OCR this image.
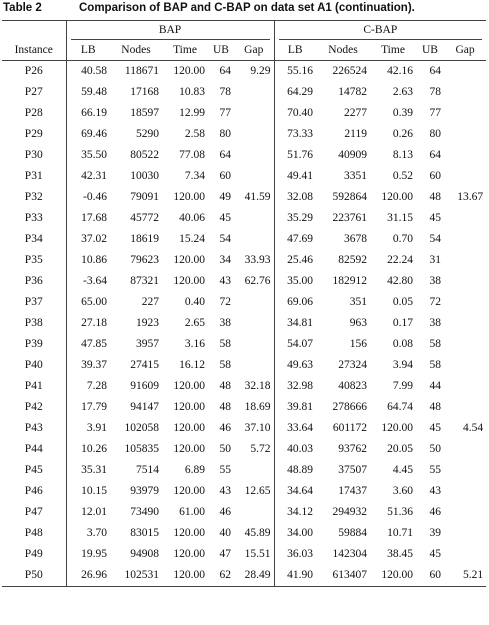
Table 2	Comparison of BAP and C-BAP on data set A1 (continuation).
	BAP					C-BAP				
Instance	LB	Nodes	Time	UB	Gap	LB	Nodes	Time	UB	Gap
P26	40.58	118671	120.00	64	9.29	55.16	226524	42.16	64	
P27	59.48	17168	10.83	78		64.29	14782	2.63	78	
P28	66.19	18597	12.99	77		70.40	2277	0.39	77	
P29	69.46	5290	2.58	80		73.33	2119	0.26	80	
P30	35.50	80522	77.08	64		51.76	40909	8.13	64	
P31	42.31	10030	7.34	60		49.41	3351	0.52	60	
P32	-0.46	79091	120.00	49	41.59	32.08	592864	120.00	48	13.67
P33	17.68	45772	40.06	45		35.29	223761	31.15	45	
P34	37.02	18619	15.24	54		47.69	3678	0.70	54	
P35	10.86	79623	120.00	34	33.93	25.46	82592	22.24	31	
P36	-3.64	87321	120.00	43	62.76	35.00	182912	42.80	38	
P37	65.00	227	0.40	72		69.06	351	0.05	72	
P38	27.18	1923	2.65	38		34.81	963	0.17	38	
P39	47.85	3957	3.16	58		54.07	156	0.08	58	
P40	39.37	27415	16.12	58		49.63	27324	3.94	58	
P41	7.28	91609	120.00	48	32.18	32.98	40823	7.99	44	
P42	17.79	94147	120.00	48	18.69	39.81	278666	64.74	48	
P43	3.91	102058	120.00	46	37.10	33.64	601172	120.00	45	4.54
P44	10.26	105835	120.00	50	5.72	40.03	93762	20.05	50	
P45	35.31	7514	6.89	55		48.89	37507	4.45	55	
P46	10.15	93979	120.00	43	12.65	34.64	17437	3.60	43	
P47	12.01	73490	61.00	46		34.12	294932	51.36	46	
P48	3.70	83015	120.00	40	45.89	34.00	59884	10.71	39	
P49	19.95	94908	120.00	47	15.51	36.03	142304	38.45	45	
P50	26.96	102531	120.00	62	28.49	41.90	613407	120.00	60	5.21
